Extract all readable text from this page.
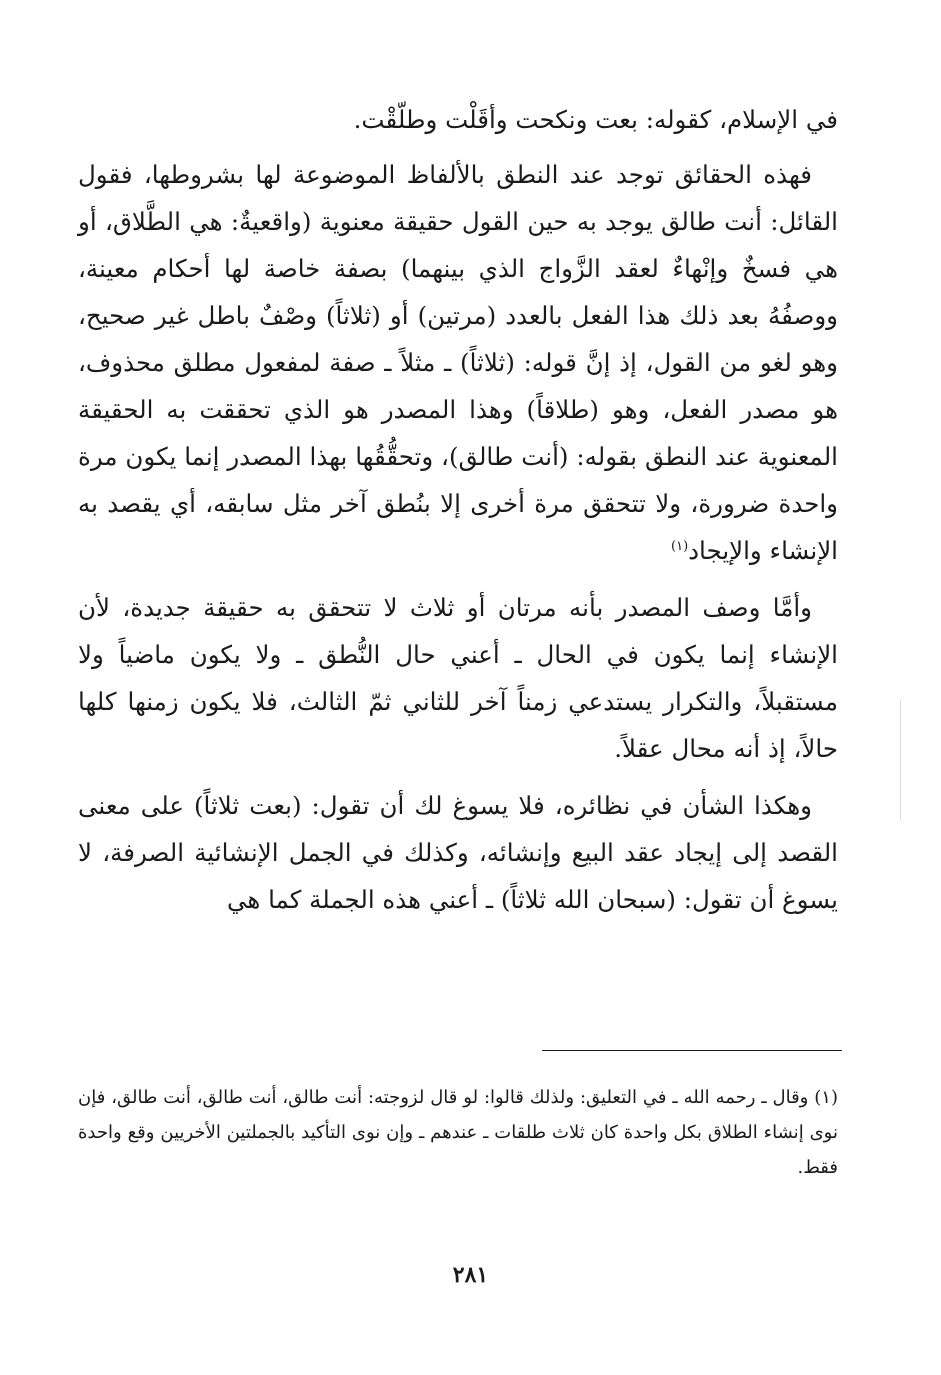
في الإسلام، كقوله: بعت ونكحت وأقَلْت وطلّقْت.

فهذه الحقائق توجد عند النطق بالألفاظ الموضوعة لها بشروطها، فقول القائل: أنت طالق يوجد به حين القول حقيقة معنوية (واقعيةٌ: هي الطَّلاق، أو هي فسخٌ وإنْهاءٌ لعقد الزَّواج الذي بينهما) بصفة خاصة لها أحكام معينة، ووصفُهُ بعد ذلك هذا الفعل بالعدد (مرتين) أو (ثلاثاً) وصْفٌ باطل غير صحيح، وهو لغو من القول، إذ إنَّ قوله: (ثلاثاً) ـ مثلاً ـ صفة لمفعول مطلق محذوف، هو مصدر الفعل، وهو (طلاقاً) وهذا المصدر هو الذي تحققت به الحقيقة المعنوية عند النطق بقوله: (أنت طالق)، وتحقُّقُها بهذا المصدر إنما يكون مرة واحدة ضرورة، ولا تتحقق مرة أخرى إلا بنُطق آخر مثل سابقه، أي يقصد به الإنشاء والإيجاد$^{(١)}$

وأمَّا وصف المصدر بأنه مرتان أو ثلاث لا تتحقق به حقيقة جديدة، لأن الإنشاء إنما يكون في الحال ـ أعني حال النُّطق ـ ولا يكون ماضياً ولا مستقبلاً، والتكرار يستدعي زمناً آخر للثاني ثمّ الثالث، فلا يكون زمنها كلها حالاً، إذ أنه محال عقلاً.

وهكذا الشأن في نظائره، فلا يسوغ لك أن تقول: (بعت ثلاثاً) على معنى القصد إلى إيجاد عقد البيع وإنشائه، وكذلك في الجمل الإنشائية الصرفة، لا يسوغ أن تقول: (سبحان الله ثلاثاً) ـ أعني هذه الجملة كما هي

(١) وقال ـ رحمه الله ـ في التعليق: ولذلك قالوا: لو قال لزوجته: أنت طالق، أنت طالق، أنت طالق، فإن نوى إنشاء الطلاق بكل واحدة كان ثلاث طلقات ـ عندهم ـ وإن نوى التأكيد بالجملتين الأخريين وقع واحدة فقط.

٢٨١
